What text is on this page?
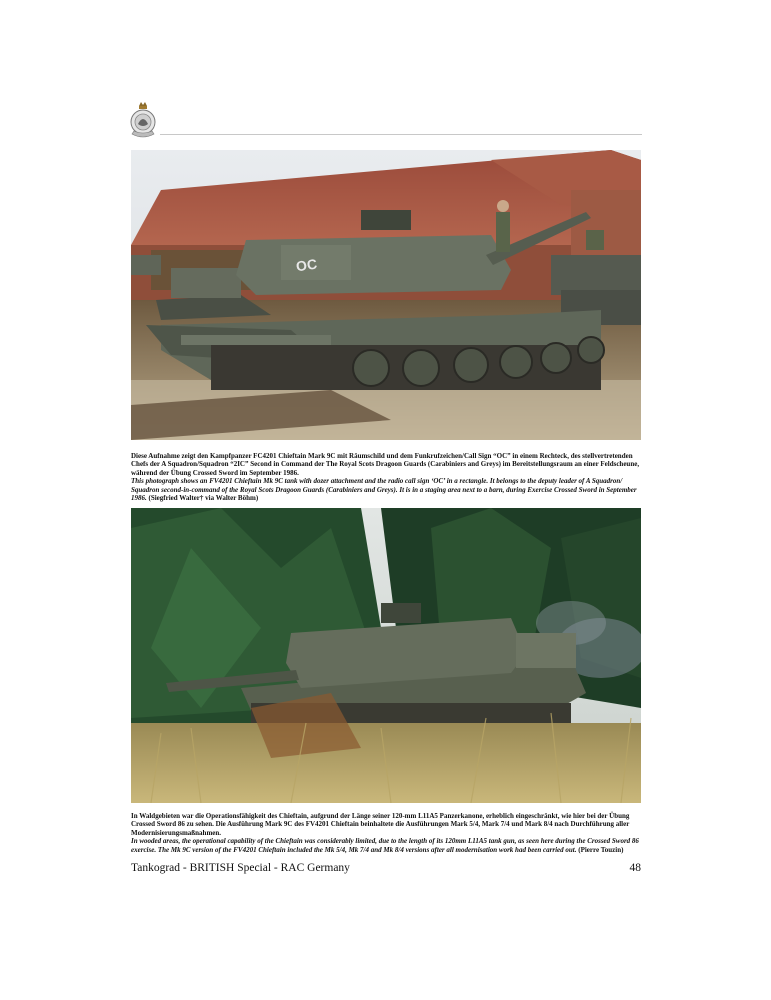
OC

Diese Aufnahme zeigt den Kampfpanzer FC4201 Chieftain Mark 9C mit Räumschild und dem Funkrufzeichen/Call Sign “OC” in einem Rechteck, des stellvertretenden Chefs der A Squadron/Squadron “2IC” Second in Command der The Royal Scots Dragoon Guards (Carabiniers and Greys) im Bereitstellungsraum an einer Feldscheune, während der Übung Crossed Sword im September 1986.

This photograph shows an FV4201 Chieftain Mk 9C tank with dozer attachment and the radio call sign ‘OC’ in a rectangle. It belongs to the deputy leader of A Squadron/ Squadron second-in-command of the Royal Scots Dragoon Guards (Carabiniers and Greys). It is in a staging area next to a barn, during Exercise Crossed Sword in September 1986. (Siegfried Walter† via Walter Böhm)

In Waldgebieten war die Operationsfähigkeit des Chieftain, aufgrund der Länge seiner 120-mm L11A5 Panzerkanone, erheblich eingeschränkt, wie hier bei der Übung Crossed Sword 86 zu sehen. Die Ausführung Mark 9C des FV4201 Chieftain beinhaltete die Ausführungen Mark 5/4, Mark 7/4 und Mark 8/4 nach Durchführung aller Modernisierungsmaßnahmen.

In wooded areas, the operational capability of the Chieftain was considerably limited, due to the length of its 120mm L11A5 tank gun, as seen here during the Crossed Sword 86 exercise. The Mk 9C version of the FV4201 Chieftain included the Mk 5/4, Mk 7/4 and Mk 8/4 versions after all modernisation work had been carried out. (Pierre Touzin)

Tankograd - BRITISH Special - RAC Germany	48
